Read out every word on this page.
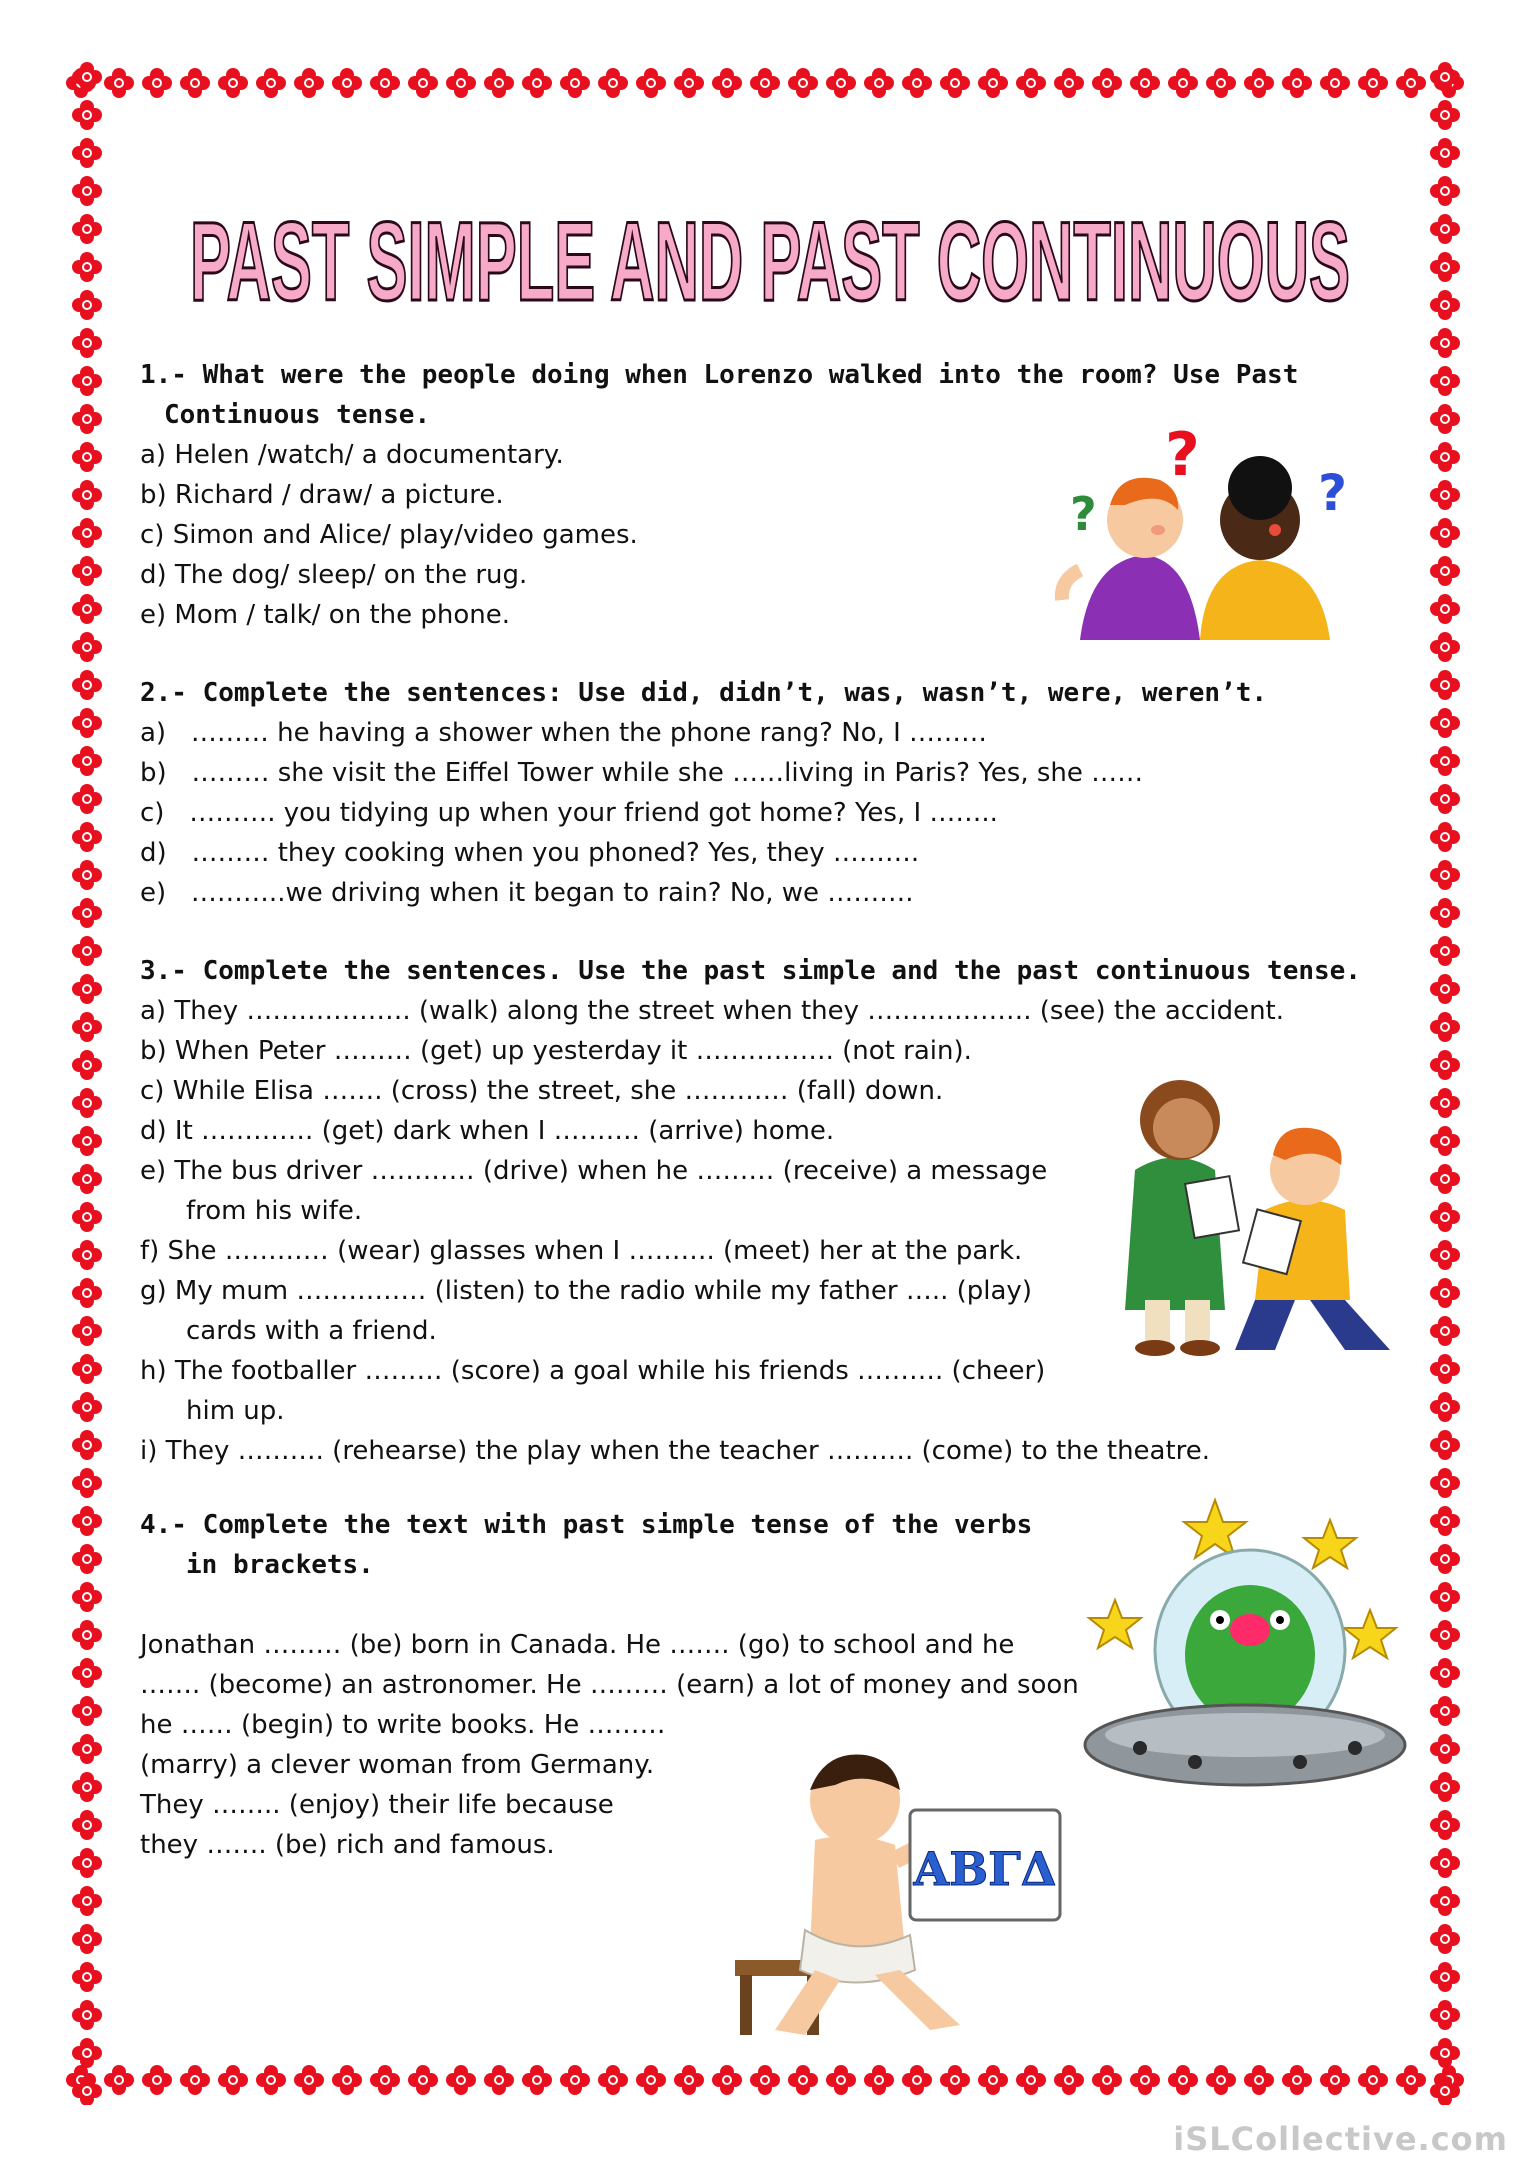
PAST SIMPLE AND PAST CONTINUOUS

1.- What were the people doing when Lorenzo walked into the room? Use Past Continuous tense.

a) Helen /watch/ a documentary.

b) Richard / draw/ a picture.

c) Simon and Alice/ play/video games.

d) The dog/ sleep/ on the rug.

e) Mom / talk/ on the phone.

2.- Complete the sentences: Use did, didn’t, was, wasn’t, were, weren’t.

a)   ……… he having a shower when the phone rang? No, I ………

b)   ……… she visit the Eiffel Tower while she ……living in Paris? Yes, she ……

c)   ………. you tidying up when your friend got home? Yes, I ……..

d)   ……… they cooking when you phoned? Yes, they ……….

e)   ………..we driving when it began to rain? No, we ……….

3.- Complete the sentences. Use the past simple and the past continuous tense.

a) They ………………. (walk) along the street when they ………………. (see) the accident.

b) When Peter ……… (get) up yesterday it ……………. (not rain).

c) While Elisa ……. (cross) the street, she ………… (fall) down.

d) It …………. (get) dark when I ………. (arrive) home.

e) The bus driver ………… (drive) when he ……… (receive) a message

from his wife.

f) She ………… (wear) glasses when I ………. (meet) her at the park.

g) My mum …………… (listen) to the radio while my father ….. (play)

cards with a friend.

h) The footballer ……… (score) a goal while his friends ………. (cheer)

him up.

i) They ………. (rehearse) the play when the teacher ………. (come) to the theatre.

4.- Complete the text with past simple tense of the verbs in brackets.

Jonathan ……… (be) born in Canada. He ……. (go) to school and he

……. (become) an astronomer. He ……… (earn) a lot of money and soon

he …… (begin) to write books. He ………

(marry) a clever woman from Germany.

They …….. (enjoy) their life because

they ……. (be) rich and famous.

?
?	?
ΑΒΓΔ
iSLCollective.com
